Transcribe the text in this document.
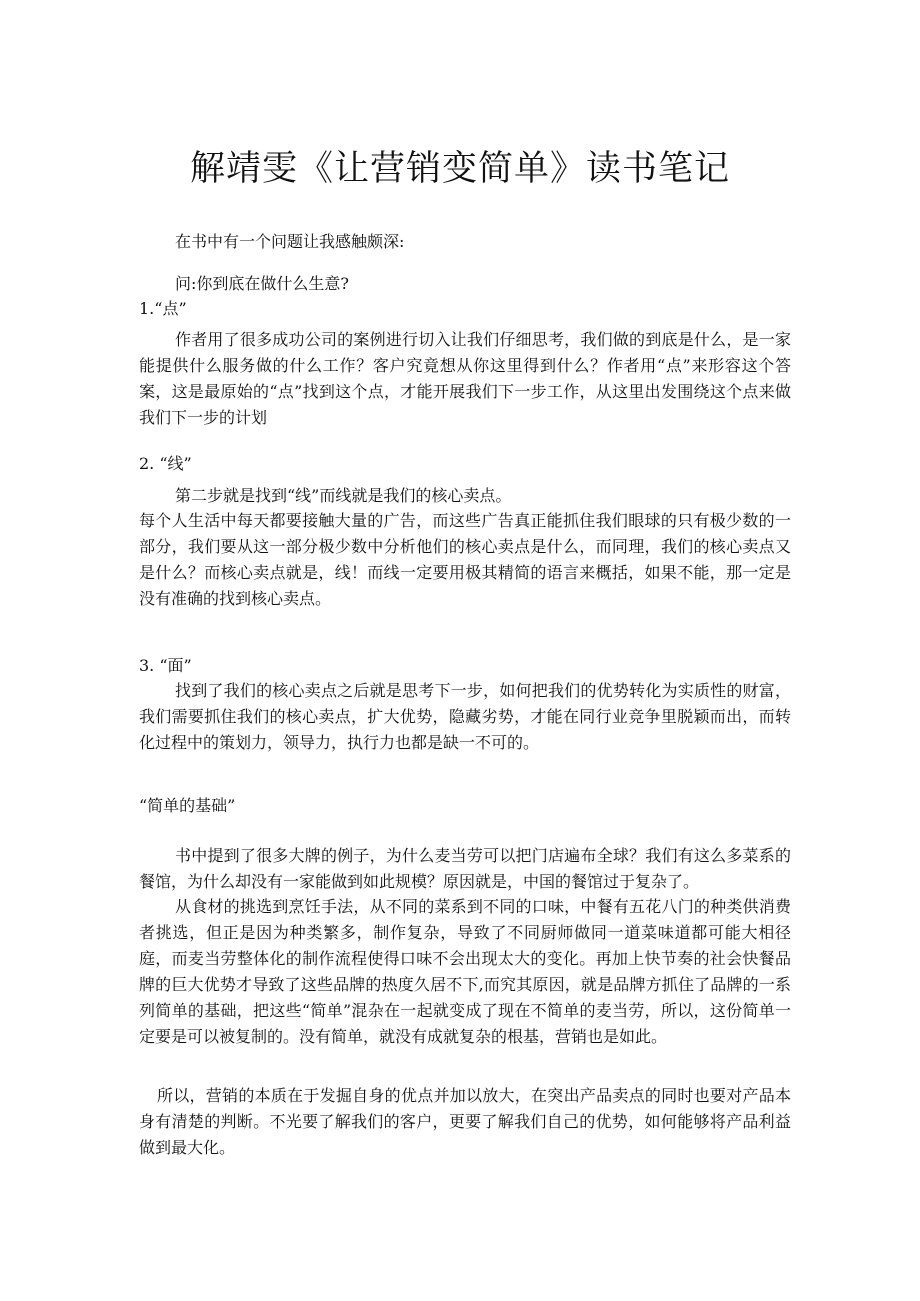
解靖雯《让营销变简单》读书笔记
在书中有一个问题让我感触颇深:
问:你到底在做什么生意?
1.“点”
作者用了很多成功公司的案例进行切入让我们仔细思考，我们做的到底是什么，是一家能提供什么服务做的什么工作？客户究竟想从你这里得到什么？作者用“点”来形容这个答案，这是最原始的“点”找到这个点，才能开展我们下一步工作，从这里出发围绕这个点来做我们下一步的计划
2. “线”
第二步就是找到“线”而线就是我们的核心卖点。
每个人生活中每天都要接触大量的广告，而这些广告真正能抓住我们眼球的只有极少数的一部分，我们要从这一部分极少数中分析他们的核心卖点是什么，而同理，我们的核心卖点又是什么？而核心卖点就是，线！而线一定要用极其精简的语言来概括，如果不能，那一定是没有准确的找到核心卖点。
3. “面”
找到了我们的核心卖点之后就是思考下一步，如何把我们的优势转化为实质性的财富，我们需要抓住我们的核心卖点，扩大优势，隐藏劣势，才能在同行业竞争里脱颖而出，而转化过程中的策划力，领导力，执行力也都是缺一不可的。
“简单的基础”
书中提到了很多大牌的例子，为什么麦当劳可以把门店遍布全球？我们有这么多菜系的餐馆，为什么却没有一家能做到如此规模？原因就是，中国的餐馆过于复杂了。
从食材的挑选到烹饪手法，从不同的菜系到不同的口味，中餐有五花八门的种类供消费者挑选，但正是因为种类繁多，制作复杂，导致了不同厨师做同一道菜味道都可能大相径庭，而麦当劳整体化的制作流程使得口味不会出现太大的变化。再加上快节奏的社会快餐品牌的巨大优势才导致了这些品牌的热度久居不下,而究其原因，就是品牌方抓住了品牌的一系列简单的基础，把这些“简单”混杂在一起就变成了现在不简单的麦当劳，所以，这份简单一定要是可以被复制的。没有简单，就没有成就复杂的根基，营销也是如此。
所以，营销的本质在于发掘自身的优点并加以放大，在突出产品卖点的同时也要对产品本身有清楚的判断。不光要了解我们的客户，更要了解我们自己的优势，如何能够将产品利益做到最大化。
